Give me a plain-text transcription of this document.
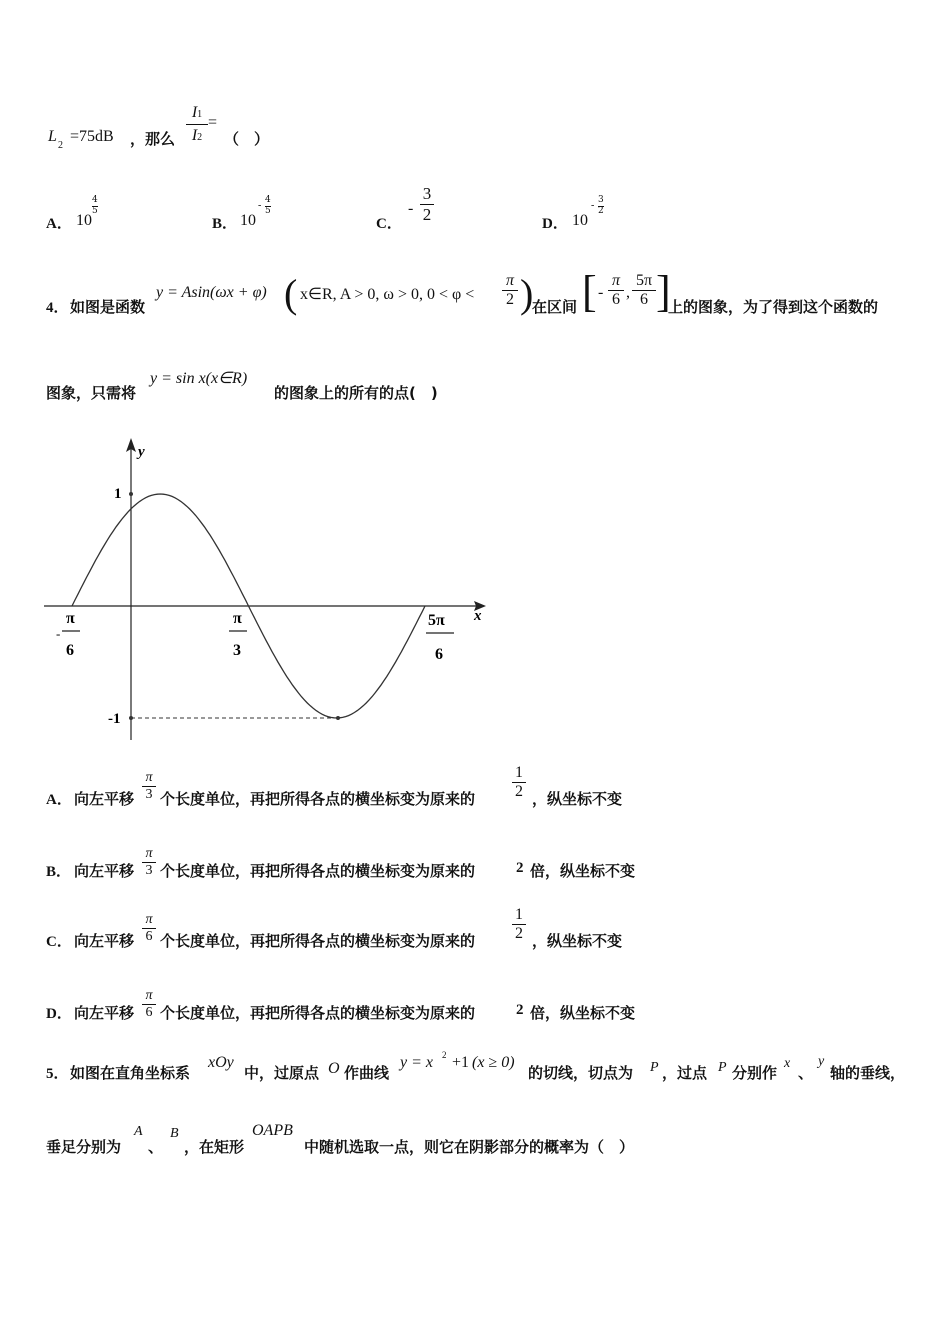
L
2
=75dB ，那么
I1
I2
=
（　）
A． 10
$\frac{4}{5}$
B． 10
- $\frac{4}{5}$
C．
- $\frac{3}{2}$	D． 10
- $\frac{3}{2}$
4． 如图是函数
y = Asin(ωx + φ) ( x∈R, A > 0, ω > 0, $0 < \varphi < \frac{\pi}{2}$ )
在区间 [ - $\frac{\pi}{6}$ , $\frac{5\pi}{6}$ ]
上的图象，为了得到这个函数的
图象，只需将
y = sin x(x∈R)
的图象上的所有的点(　)
y
x
1
-1
-
π
6
π
3
5π
6
A． 向左平移 $\frac{\pi}{3}$ 个长度单位，再把所得各点的横坐标变为原来的 $\frac{1}{2}$ ，纵坐标不变
B． 向左平移 $\frac{\pi}{3}$ 个长度单位，再把所得各点的横坐标变为原来的	2 倍，纵坐标不变
C． 向左平移 $\frac{\pi}{6}$ 个长度单位，再把所得各点的横坐标变为原来的 $\frac{1}{2}$ ，纵坐标不变
D． 向左平移 $\frac{\pi}{6}$ 个长度单位，再把所得各点的横坐标变为原来的	2 倍，纵坐标不变
5． 如图在直角坐标系
xOy
中，过原点 O 作曲线
y = x 2 +1 (x ≥ 0)
的切线，切点为 P ，过点 P 分别作
x
、
y
轴的垂线，
垂足分别为
A
、
B
，在矩形
OAPB
中随机选取一点，则它在阴影部分的概率为（　）
